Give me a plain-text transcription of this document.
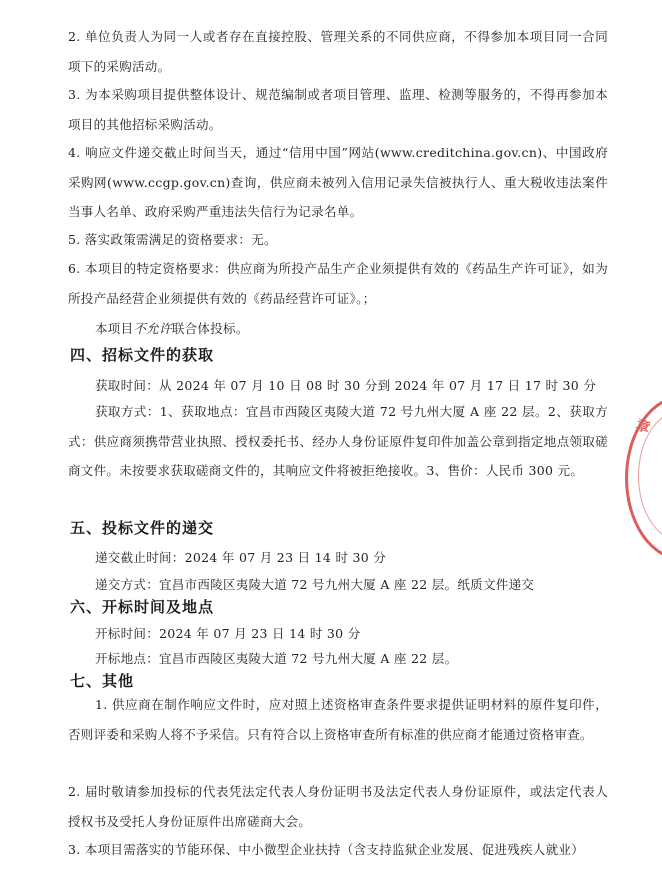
2. 单位负责人为同一人或者存在直接控股、管理关系的不同供应商，不得参加本项目同一合同项下的采购活动。

3. 为本采购项目提供整体设计、规范编制或者项目管理、监理、检测等服务的，不得再参加本项目的其他招标采购活动。

4. 响应文件递交截止时间当天，通过“信用中国”网站(www.creditchina.gov.cn)、中国政府采购网(www.ccgp.gov.cn)查询，供应商未被列入信用记录失信被执行人、重大税收违法案件当事人名单、政府采购严重违法失信行为记录名单。

5. 落实政策需满足的资格要求：无。

6. 本项目的特定资格要求：供应商为所投产品生产企业须提供有效的《药品生产许可证》，如为所投产品经营企业须提供有效的《药品经营许可证》。；

本项目不允许联合体投标。

四、招标文件的获取

获取时间：从 2024 年 07 月 10 日 08 时 30 分到 2024 年 07 月 17 日 17 时 30 分

获取方式：1、获取地点：宜昌市西陵区夷陵大道 72 号九州大厦 A 座 22 层。2、获取方式：供应商须携带营业执照、授权委托书、经办人身份证原件复印件加盖公章到指定地点领取磋商文件。未按要求获取磋商文件的，其响应文件将被拒绝接收。3、售价：人民币 300 元。

五、投标文件的递交

递交截止时间：2024 年 07 月 23 日 14 时 30 分

递交方式：宜昌市西陵区夷陵大道 72 号九州大厦 A 座 22 层。纸质文件递交

六、开标时间及地点

开标时间：2024 年 07 月 23 日 14 时 30 分

开标地点：宜昌市西陵区夷陵大道 72 号九州大厦 A 座 22 层。

七、其他

1. 供应商在制作响应文件时，应对照上述资格审查条件要求提供证明材料的原件复印件，否则评委和采购人将不予采信。只有符合以上资格审查所有标准的供应商才能通过资格审查。

2. 届时敬请参加投标的代表凭法定代表人身份证明书及法定代表人身份证原件，或法定代表人授权书及受托人身份证原件出席磋商大会。

3. 本项目需落实的节能环保、中小微型企业扶持（含支持监狱企业发展、促进残疾人就业）

章
